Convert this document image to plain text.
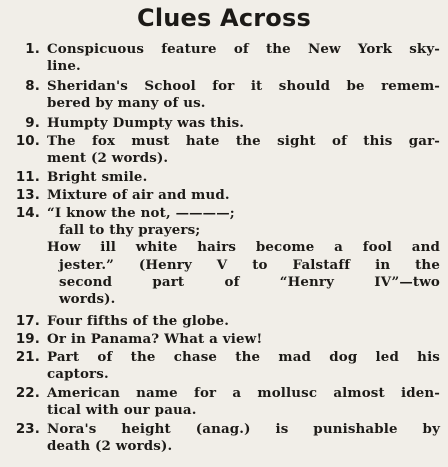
Clues Across
1. Conspicuous feature of the New York sky-
line.
8. Sheridan's School for it should be remem-
bered by many of us.
9. Humpty Dumpty was this.
10. The fox must hate the sight of this gar-
ment (2 words).
11. Bright smile.
13. Mixture of air and mud.
14. “I know the not, ————;
fall to thy prayers;
How ill white hairs become a fool and
jester.” (Henry V to Falstaff in the
second part of “Henry IV”—two
words).
17. Four fifths of the globe.
19. Or in Panama? What a view!
21. Part of the chase the mad dog led his
captors.
22. American name for a mollusc almost iden-
tical with our paua.
23. Nora's height (anag.) is punishable by
death (2 words).
